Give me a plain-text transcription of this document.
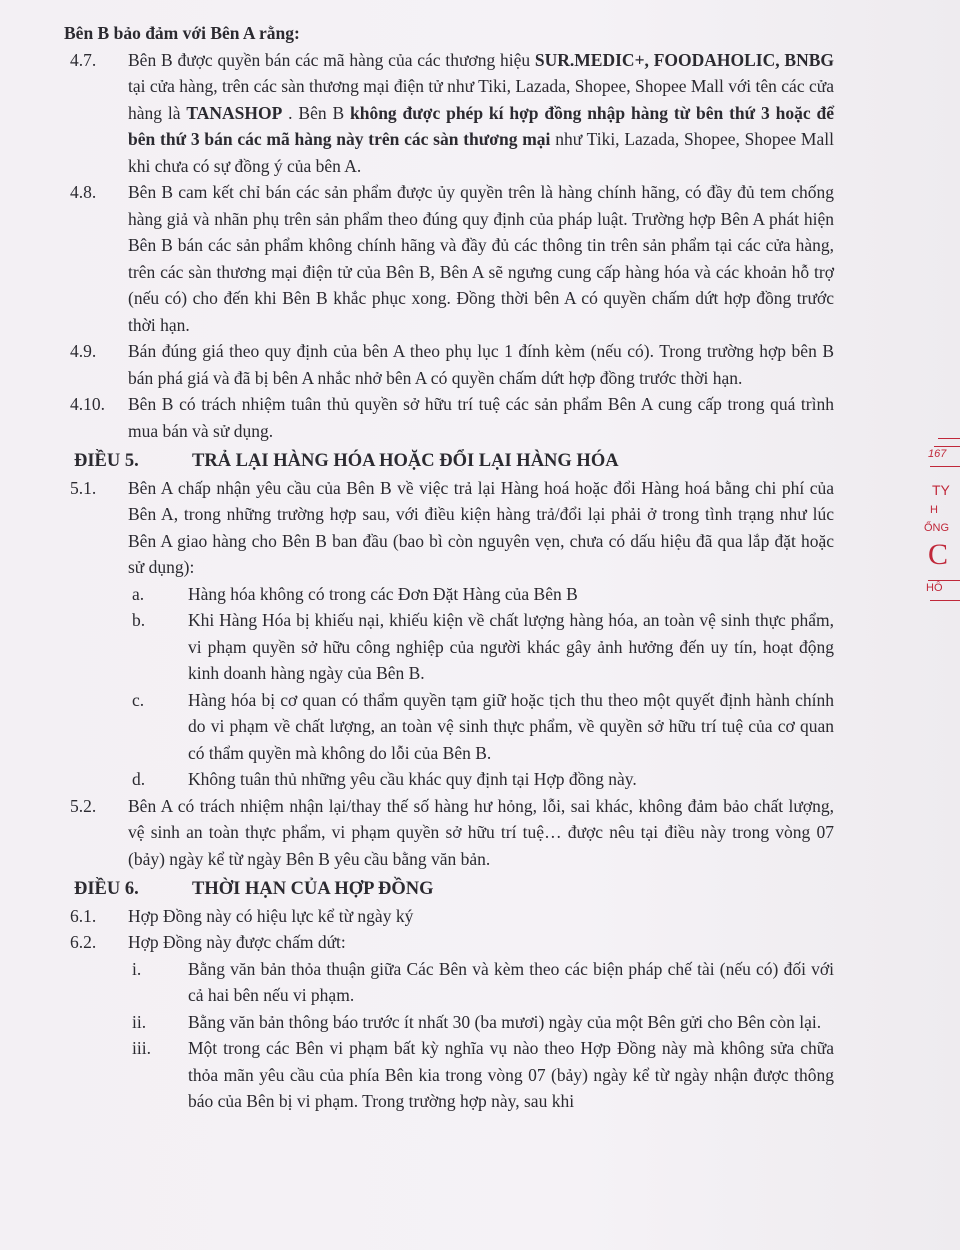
Bên B bảo đảm với Bên A rằng:
4.7. Bên B được quyền bán các mã hàng của các thương hiệu SUR.MEDIC+, FOODAHOLIC, BNBG tại cửa hàng, trên các sàn thương mại điện tử như Tiki, Lazada, Shopee, Shopee Mall với tên các cửa hàng là TANASHOP . Bên B không được phép kí hợp đồng nhập hàng từ bên thứ 3 hoặc để bên thứ 3 bán các mã hàng này trên các sàn thương mại như Tiki, Lazada, Shopee, Shopee Mall khi chưa có sự đồng ý của bên A.
4.8. Bên B cam kết chỉ bán các sản phẩm được ủy quyền trên là hàng chính hãng, có đầy đủ tem chống hàng giả và nhãn phụ trên sản phẩm theo đúng quy định của pháp luật. Trường hợp Bên A phát hiện Bên B bán các sản phẩm không chính hãng và đầy đủ các thông tin trên sản phẩm tại các cửa hàng, trên các sàn thương mại điện tử của Bên B, Bên A sẽ ngưng cung cấp hàng hóa và các khoản hỗ trợ (nếu có) cho đến khi Bên B khắc phục xong. Đồng thời bên A có quyền chấm dứt hợp đồng trước thời hạn.
4.9. Bán đúng giá theo quy định của bên A theo phụ lục 1 đính kèm (nếu có). Trong trường hợp bên B bán phá giá và đã bị bên A nhắc nhở bên A có quyền chấm dứt hợp đồng trước thời hạn.
4.10. Bên B có trách nhiệm tuân thủ quyền sở hữu trí tuệ các sản phẩm Bên A cung cấp trong quá trình mua bán và sử dụng.
ĐIỀU 5.	TRẢ LẠI HÀNG HÓA HOẶC ĐỔI LẠI HÀNG HÓA
5.1. Bên A chấp nhận yêu cầu của Bên B về việc trả lại Hàng hoá hoặc đổi Hàng hoá bằng chi phí của Bên A, trong những trường hợp sau, với điều kiện hàng trả/đổi lại phải ở trong tình trạng như lúc Bên A giao hàng cho Bên B ban đầu (bao bì còn nguyên vẹn, chưa có dấu hiệu đã qua lắp đặt hoặc sử dụng):
a.	Hàng hóa không có trong các Đơn Đặt Hàng của Bên B
b. Khi Hàng Hóa bị khiếu nại, khiếu kiện về chất lượng hàng hóa, an toàn vệ sinh thực phẩm, vi phạm quyền sở hữu công nghiệp của người khác gây ảnh hưởng đến uy tín, hoạt động kinh doanh hàng ngày của Bên B.
c.	Hàng hóa bị cơ quan có thẩm quyền tạm giữ hoặc tịch thu theo một quyết định hành chính do vi phạm về chất lượng, an toàn vệ sinh thực phẩm, về quyền sở hữu trí tuệ của cơ quan có thẩm quyền mà không do lỗi của Bên B.
d. Không tuân thủ những yêu cầu khác quy định tại Hợp đồng này.
5.2. Bên A có trách nhiệm nhận lại/thay thế số hàng hư hỏng, lỗi, sai khác, không đảm bảo chất lượng, vệ sinh an toàn thực phẩm, vi phạm quyền sở hữu trí tuệ… được nêu tại điều này trong vòng 07 (bảy) ngày kể từ ngày Bên B yêu cầu bằng văn bản.
ĐIỀU 6.	THỜI HẠN CỦA HỢP ĐỒNG
6.1. Hợp Đồng này có hiệu lực kể từ ngày ký
6.2. Hợp Đồng này được chấm dứt:
i.	Bằng văn bản thỏa thuận giữa Các Bên và kèm theo các biện pháp chế tài (nếu có) đối với cả hai bên nếu vi phạm.
ii. Bằng văn bản thông báo trước ít nhất 30 (ba mươi) ngày của một Bên gửi cho Bên còn lại.
iii. Một trong các Bên vi phạm bất kỳ nghĩa vụ nào theo Hợp Đồng này mà không sửa chữa thỏa mãn yêu cầu của phía Bên kia trong vòng 07 (bảy) ngày kể từ ngày nhận được thông báo của Bên bị vi phạm. Trong trường hợp này, sau khi
167
TY
H
ỔNG
C
HÔ
